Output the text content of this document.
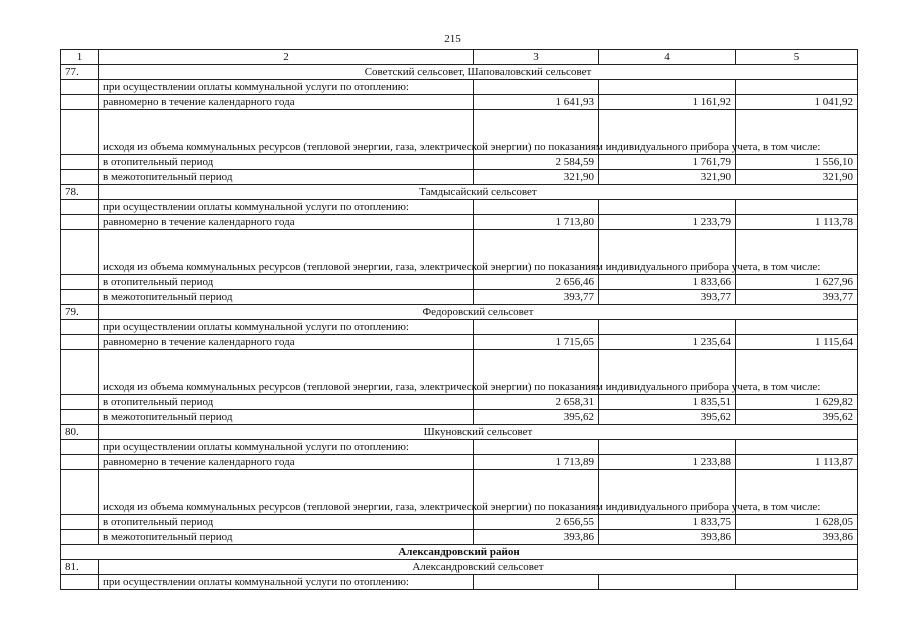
215
1	2	3	4	5
77.	Советский сельсовет, Шаповаловский сельсовет			
	при осуществлении оплаты коммунальной услуги по отоплению:			
	равномерно в течение календарного года	1 641,93	1 161,92	1 041,92
	исходя из объема коммунальных ресурсов (тепловой энергии, газа, электрической энергии) по показаниям индивидуального прибора учета, в том числе:			
	в отопительный период	2 584,59	1 761,79	1 556,10
	в межотопительный период	321,90	321,90	321,90
78.	Тамдысайский сельсовет			
	при осуществлении оплаты коммунальной услуги по отоплению:			
	равномерно в течение календарного года	1 713,80	1 233,79	1 113,78
	исходя из объема коммунальных ресурсов (тепловой энергии, газа, электрической энергии) по показаниям индивидуального прибора учета, в том числе:			
	в отопительный период	2 656,46	1 833,66	1 627,96
	в межотопительный период	393,77	393,77	393,77
79.	Федоровский сельсовет			
	при осуществлении оплаты коммунальной услуги по отоплению:			
	равномерно в течение календарного года	1 715,65	1 235,64	1 115,64
	исходя из объема коммунальных ресурсов (тепловой энергии, газа, электрической энергии) по показаниям индивидуального прибора учета, в том числе:			
	в отопительный период	2 658,31	1 835,51	1 629,82
	в межотопительный период	395,62	395,62	395,62
80.	Шкуновский сельсовет			
	при осуществлении оплаты коммунальной услуги по отоплению:			
	равномерно в течение календарного года	1 713,89	1 233,88	1 113,87
	исходя из объема коммунальных ресурсов (тепловой энергии, газа, электрической энергии) по показаниям индивидуального прибора учета, в том числе:			
	в отопительный период	2 656,55	1 833,75	1 628,05
	в межотопительный период	393,86	393,86	393,86
Александровский район				
81.	Александровский сельсовет			
	при осуществлении оплаты коммунальной услуги по отоплению:			
